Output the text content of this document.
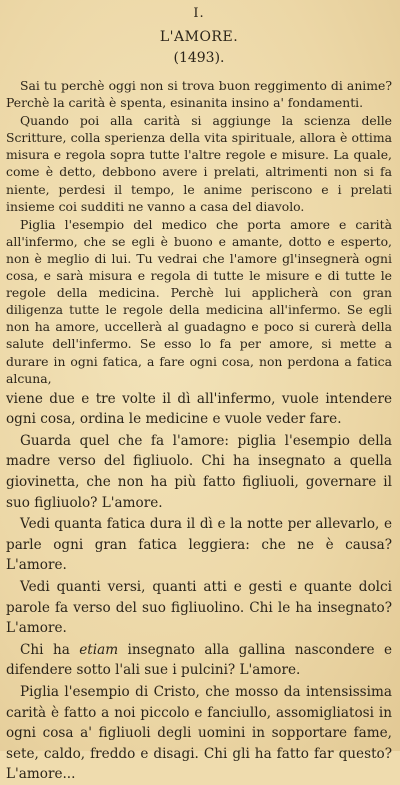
I.
L'AMORE.
(1493).

Sai tu perchè oggi non si trova buon reggimento di anime? Perchè la carità è spenta, esinanita insino a' fondamenti.

Quando poi alla carità si aggiunge la scienza delle Scritture, colla sperienza della vita spirituale, allora è ottima misura e regola sopra tutte l'altre regole e misure. La quale, come è detto, debbono avere i prelati, altrimenti non si fa niente, perdesi il tempo, le anime periscono e i prelati insieme coi sudditi ne vanno a casa del diavolo.

Piglia l'esempio del medico che porta amore e carità all'infermo, che se egli è buono e amante, dotto e esperto, non è meglio di lui. Tu vedrai che l'amore gl'insegnerà ogni cosa, e sarà misura e regola di tutte le misure e di tutte le regole della medicina. Perchè lui applicherà con gran diligenza tutte le regole della medicina all'infermo. Se egli non ha amore, uccellerà al guadagno e poco si curerà della salute dell'infermo. Se esso lo fa per amore, si mette a durare in ogni fatica, a fare ogni cosa, non perdona a fatica alcuna,

viene due e tre volte il dì all'infermo, vuole intendere ogni cosa, ordina le medicine e vuole veder fare.

Guarda quel che fa l'amore: piglia l'esempio della madre verso del figliuolo. Chi ha insegnato a quella giovinetta, che non ha più fatto figliuoli, governare il suo figliuolo? L'amore.

Vedi quanta fatica dura il dì e la notte per allevarlo, e parle ogni gran fatica leggiera: che ne è causa? L'amore.

Vedi quanti versi, quanti atti e gesti e quante dolci parole fa verso del suo figliuolino. Chi le ha insegnato? L'amore.

Chi ha etiam insegnato alla gallina nascondere e difendere sotto l'ali sue i pulcini? L'amore.

Piglia l'esempio di Cristo, che mosso da intensissima carità è fatto a noi piccolo e fanciullo, assomigliatosi in ogni cosa a' figliuoli degli uomini in sopportare fame, sete, caldo, freddo e disagi. Chi gli ha fatto far questo? L'amore...
